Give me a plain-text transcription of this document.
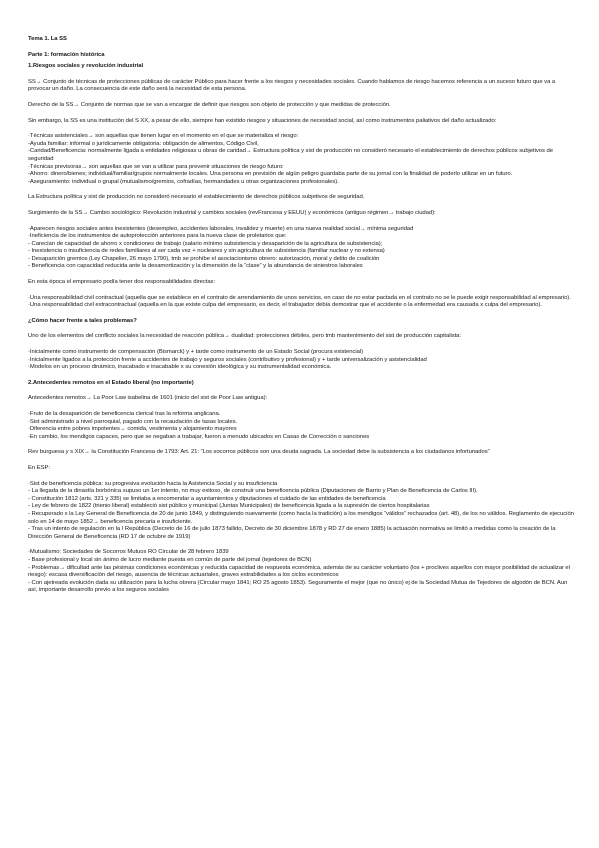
Tema 1. La SS

Parte 1: formación histórica

1.Riesgos sociales y revolución industrial

SS→ Conjunto de técnicas de protecciones públicas de carácter Público para hacer frente a los riesgos y necesidades sociales. Cuando hablamos de riesgo hacemos referencia a un suceso futuro que va a provocar un daño. La consecuencia de este daño será la necesidad de esta persona.

Derecho de la SS→ Conjunto de normas que se van a encargar de definir que riesgos son objeto de protección y que medidas de protección.

Sin embargo, la SS es una institución del S XX, a pesar de ello, siempre han existido riesgos y situaciones de necesidad social, así como instrumentos paliativos del daño actualizado:

·Técnicas asistenciales→ son aquellas que tienen lugar en el momento en el que se materializa el riesgo:

-Ayuda familiar: informal o jurídicamente obligatoria: obligación de alimentos, Código Civil,

-Caridad/Beneficencia: normalmente ligada a entidades religiosas u obras de caridad→ Estructura política y sist de producción no consideró necesario el establecimiento de derechos públicos subjetivos de seguridad

·Técnicas previsoras→ son aquellas que se van a utilizar para prevenir situaciones de riesgo futuro:

-Ahorro: dinero/bienes; individual/familiar/grupos normalmente locales. Una persona en previsión de algún peligro guardaba parte de su jornal con la finalidad de poderlo utilizar en un futuro.

-Aseguramiento: individual o grupal (mutualismo/gremios, cofradías, hermandades u otras organizaciones profesionales).

La Estructura política y sist de producción no consideró necesario el establecimiento de derechos públicos subjetivos de seguridad.

Surgimiento de la SS→ Cambio sociológico: Revolución industrial y cambios sociales (revFrancesa y EEUU) y económicos (antiguo régimen→ trabajo ciudad):

·Aparecen riesgos sociales antes inexistentes (desempleo, accidentes laborales, invalidez y muerte) en una nueva realidad social→ mínima seguridad

·Ineficiencia de los instrumentos de autoprotección anteriores para la nueva clase de proletarios que:

- Carecían de capacidad de ahorro x condiciones de trabajo (salario mínimo subsistencia y desaparición de la agricultura de subsistencia);

- Inexistencia o insuficiencia de redes familiares al ser cada vez + nucleares y sin agricultura de subsistencia (familiar nuclear y no extensa)

- Desaparición gremios (Ley Chapelier, 26 mayo 1790), tmb se prohíbe el asociacionismo obrero: autorización, moral y delito de coalición

- Beneficencia con capacidad reducida ante la desamortización y la dimensión de la “clase” y la abundancia de siniestros laborales

En esta época el empresario podía tener dos responsabilidades directas:

·Una responsabilidad civil contractual (aquella que se establece en el contrato de arrendamiento de unos servicios, en caso de no estar pactada en el contrato no se le puede exigir responsabilidad al empresario).

·Una responsabilidad civil extracontractual (aquella en la que existe culpa del empresario, es decir, el trabajador debía demostrar que el accidente o la enfermedad era causada x culpa del empresario).

¿Cómo hacer frente a tales problemas?

Uno de los elementos del conflicto sociales la necesidad de reacción pública→ dualidad: protecciones débiles, pero tmb mantenimiento del sist de producción capitalista:

·Inicialmente como instrumento de compensación (Bismarck) y + tarde como instrumento de un Estado Social (procura existencial)

·Inicialmente ligados a la protección frente a accidentes de trabajo y seguros sociales (contributivo y profesional) y + tarde universalización y asistencialidad

·Modelos en un proceso dinámico, inacabado e inacabable x su conexión ideológica y su instrumentalidad económica.

2.Antecedentes remotos en el Estado liberal (no importante)

Antecedentes remotos→ La Poor Law isabelina de 1601 (inicio del sist de Poor Law antigua):

·Fruto de la desaparición de beneficencia clerical tras la reforma anglicana.

·Sist administrado a nivel parroquial, pagado con la recaudación de tasas locales.

·Diferencia entre pobres impotentes→ comida, vestimenta y alojamiento mayores

·En cambio, los mendigos capaces, pero que se negaban a trabajar, fueron a menudo ubicados en Casas de Corrección o sanciones

Rev burguesa y s XIX→ la Constitución Francesa de 1793: Art. 21: “Los socorros públicos son una deuda sagrada. La sociedad debe la subsistencia a los ciudadanos infortunados”

En ESP:

·Sist de beneficencia pública: su progresiva evolución hacia la Asistencia Social y su insuficiencia

- La llegada de la dinastía borbónica supuso un 1er intento, no muy exitoso, de construir una beneficencia pública (Diputaciones de Barrio y Plan de Beneficencia de Carlos III).

- Constitución 1812 (arts. 321 y 335) se limitaba a encomendar a ayuntamientos y diputaciones el cuidado de las entidades de beneficencia

- Ley de febrero de 1822 (trienio liberal) estableció sist público y municipal (Juntas Municipales) de beneficencia ligada a la supresión de ciertos hospitalarias

- Recuperado x la Ley General de Beneficencia de 20 de junio 1849, y distinguiendo nuevamente (como hacía la tradición) a los mendigos “válidos” rechazados (art. 48), de los no válidos. Reglamento de ejecución solo en 14 de mayo 1852→ beneficencia precaria e insuficiente.

- Tras un intento de regulación en la I República (Decreto de 16 de julio 1873 fallido, Decreto de 30 diciembre 1878 y RD 27 de enero 1885) la actuación normativa se limitó a medidas como la creación de la Dirección General de Beneficencia (RD 17 de octubre de 1919)

·Mutualismo: Sociedades de Socorros Mutuos RO Circular de 28 febrero 1839

- Base profesional y local sin ánimo de lucro mediante puesta en común de parte del jornal (tejedores de BCN)

- Problemas→ dificultad ante las pésimas condiciones económicas y reducida capacidad de respuesta económica, además de su carácter voluntario (los + proclives aquellos con mayor posibilidad de actualizar el riesgo): escasa diversificación del riesgo, ausencia de técnicas actuariales, graves estrabilidades a los ciclos económicos

- Con ajetreada evolución dada su utilización para la lucha obrera (Circular mayo 1841; RO 25 agosto 1853). Seguramente el mejor (que no único) ej de la Sociedad Mutua de Tejedores de algodón de BCN. Aun así, importante desarrollo previo a los seguros sociales
